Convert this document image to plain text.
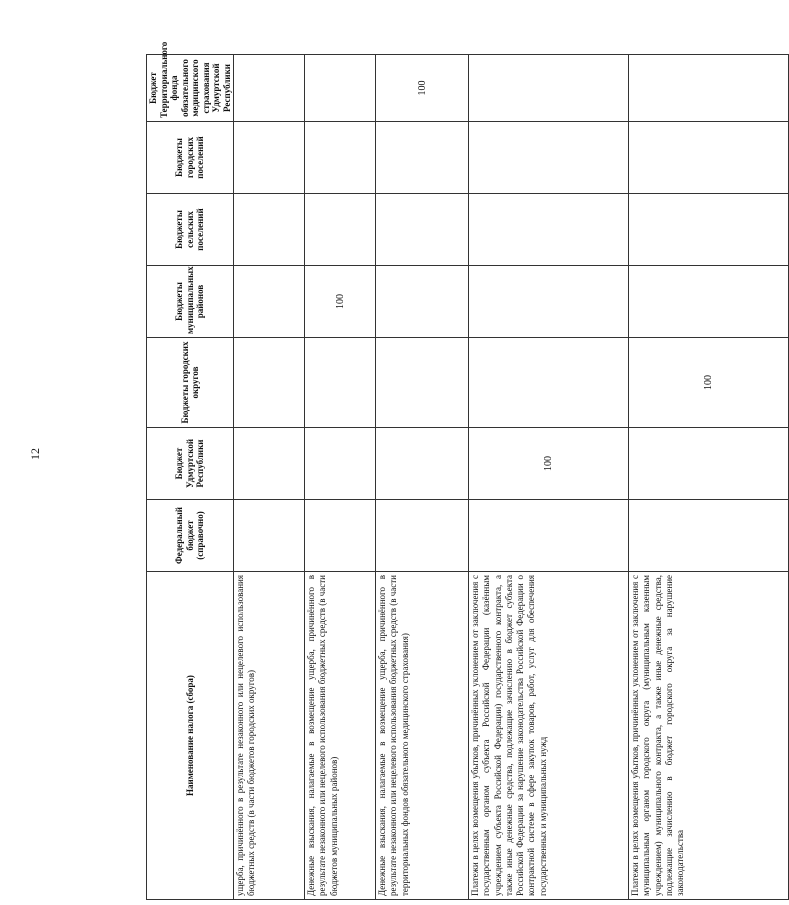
12
Наименование налога (сбора)	Федеральный бюджет (справочно)	Бюджет Удмуртской Республики	Бюджеты городских округов	Бюджеты муниципальных районов	Бюджеты сельских поселений	Бюджеты городских поселений	Бюджет Территориального фонда обязательного медицинского страхования Удмуртской Республики
ущерба, причинённого в результате незаконного или нецелевого использования бюджетных средств (в части бюджетов городских округов)							
Денежные взыскания, налагаемые в возмещение ущерба, причинённого в результате незаконного или нецелевого использования бюджетных средств (в части бюджетов муниципальных районов)				100			
Денежные взыскания, налагаемые в возмещение ущерба, причинённого в результате незаконного или нецелевого использования бюджетных средств (в части территориальных фондов обязательного медицинского страхования)							100
Платежи в целях возмещения убытков, причинённых уклонением от заключения с государственным органом субъекта Российской Федерации (казённым учреждением субъекта Российской Федерации) государственного контракта, а также иные денежные средства, подлежащие зачислению в бюджет субъекта Российской Федерации за нарушение законодательства Российской Федерации о контрактной системе в сфере закупок товаров, работ, услуг для обеспечения государственных и муниципальных нужд		100					
Платежи в целях возмещения убытков, причинённых уклонением от заключения с муниципальным органом городского округа (муниципальным казенным учреждением) муниципального контракта, а также иные денежные средства, подлежащие зачислению в бюджет городского округа за нарушение законодательства			100				
